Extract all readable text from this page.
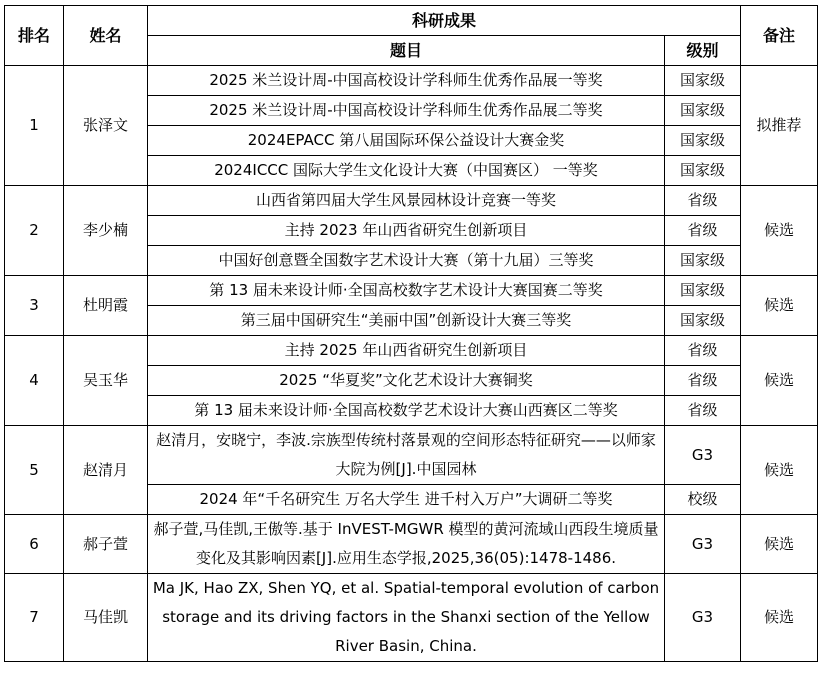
排名	姓名	科研成果		备注
		题目	级别	
1	张泽文	2025 米兰设计周-中国高校设计学科师生优秀作品展一等奖	国家级	拟推荐
		2025 米兰设计周-中国高校设计学科师生优秀作品展二等奖	国家级	
		2024EPACC 第八届国际环保公益设计大赛金奖	国家级	
		2024ICCC 国际大学生文化设计大赛（中国赛区） 一等奖	国家级	
2	李少楠	山西省第四届大学生风景园林设计竞赛一等奖	省级	候选
		主持 2023 年山西省研究生创新项目	省级	
		中国好创意暨全国数字艺术设计大赛（第十九届）三等奖	国家级	
3	杜明霞	第 13 届未来设计师·全国高校数字艺术设计大赛国赛二等奖	国家级	候选
		第三届中国研究生“美丽中国”创新设计大赛三等奖	国家级	
4	吴玉华	主持 2025 年山西省研究生创新项目	省级	候选
		2025 “华夏奖”文化艺术设计大赛铜奖	省级	
		第 13 届未来设计师·全国高校数学艺术设计大赛山西赛区二等奖	省级	
5	赵清月	赵清月，安晓宁，李波.宗族型传统村落景观的空间形态特征研究——以师家大院为例[J].中国园林	G3	候选
		2024 年“千名研究生 万名大学生 进千村入万户”大调研二等奖	校级	
6	郝子萱	郝子萱,马佳凯,王傲等.基于 InVEST-MGWR 模型的黄河流域山西段生境质量变化及其影响因素[J].应用生态学报,2025,36(05):1478-1486.	G3	候选
7	马佳凯	Ma JK, Hao ZX, Shen YQ, et al. Spatial-temporal evolution of carbon storage and its driving factors in the Shanxi section of the Yellow River Basin, China.	G3	候选
